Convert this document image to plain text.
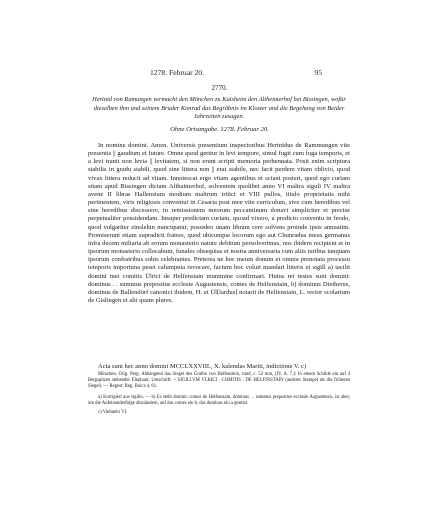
1278. Februar 20.	95
2770.
Hertnid von Ramungen vermacht den Mönchen zu Kaisheim den Altheimerhof bei Bissingen, wofür dieselben ihm und seinem Bruder Konrad das Begräbnis im Kloster und die Begehung von Beider Jahrzeiten zusagen.
Ohne Ortsangabe. 1278. Februar 20.

In nomine domini. Amen. Universis presentium inspectoribus Hertnidus de Rammungen vite presentis || gaudium et future. Omne quod geritur in levi tempore, simul fugit cum fuga temporis, et a levi tranit non levia || levitatem, si non erunt scripti memoria perhennata. Posit enim scriptura stabilis in gradu stabili, quod sine littera non || erat stabile, nec facit perdere vitam oblivio, quod vivax littera reducit ad vitam. Innotescat ergo vitam agentibus et sciant posteri, quod ego curiam sitam apud Bissingen dictam Althaimerhof, solventem quolibet anno VI maltra siguli IV maltra avene II libras Hallensium modium maltrum tritici et VIII pullos, titulo proprietatis mihi pertinentem, viris religiosis conventui in Cesaria post mee vite curriculum, sive cum heredibus vel sine heredibus discessero, in remissionem meorum peccaminum donavi simpliciter et precise perpetualiter possidendam. Insuper predictam curiam, quoad vixero, a predicto conventu in feodo, quod vulgariter zinslehin nuncupatur, possideo unam libram cere solvens proinde ipsis annuatim. Promiserunt etiam supradicti fratres, quod ubicunque locorum ego aut Chunradus meus germanus infra decem miliaria ab eorum monasterio nature debitum persolverimus, nos ibidem recipient et in ipsorum monasterio collocabunt, funales obsequias et nostra anniversaria cum aliis iuribus tanquam ipsorum confratribus sobis celebrantes. Preterea ne hoc meum donum et omnia prenotata processu temporis importuna peset calumpnia revocare, factum hoc voluit mandari litteris et sigill a) iacilti domini mei comitis Ülrici de Helfenstain munimine confirmari. Huius rei testes sunt domini: dominus . . summus prepositus ecclesie Augustensis, comes de Helfenstain, b) dominus Dietherus, dominus de Ballendorf canonici ibidem, H. et Ül[lardus] notarii de Helfenstain, L. rector scolarium de Gislingen et alii quam plures.

Acta sunt hec anno domini MCCLXXVIII., X. kalendas Martii, indictione V. c)

München. Orig. Perg. Abhangend das Siegel des Grafen von Helfenstein, rund, c. 53 mm, (IV. A. 7.): In einem Schilde ein auf 4 Bergspitzen stehender Elephant; Umschrift: + SIGILLVM VLRICI . COMITIS . DE HELFINSTAIN (anderer Stempel als die früheren Siegel). — Regest: Reg. Boica 4, 61.

a) Korrigiert aus sigilio. — b) Es steht domini: comes de Helfenstain, dominus . . summus prepositus ecclesie Augustensis, ist aber, um die Aufeinanderfolge abzuändern, auf das comes ein b, das dominus ein a gesetzt.

c) Vielmehr VI.
